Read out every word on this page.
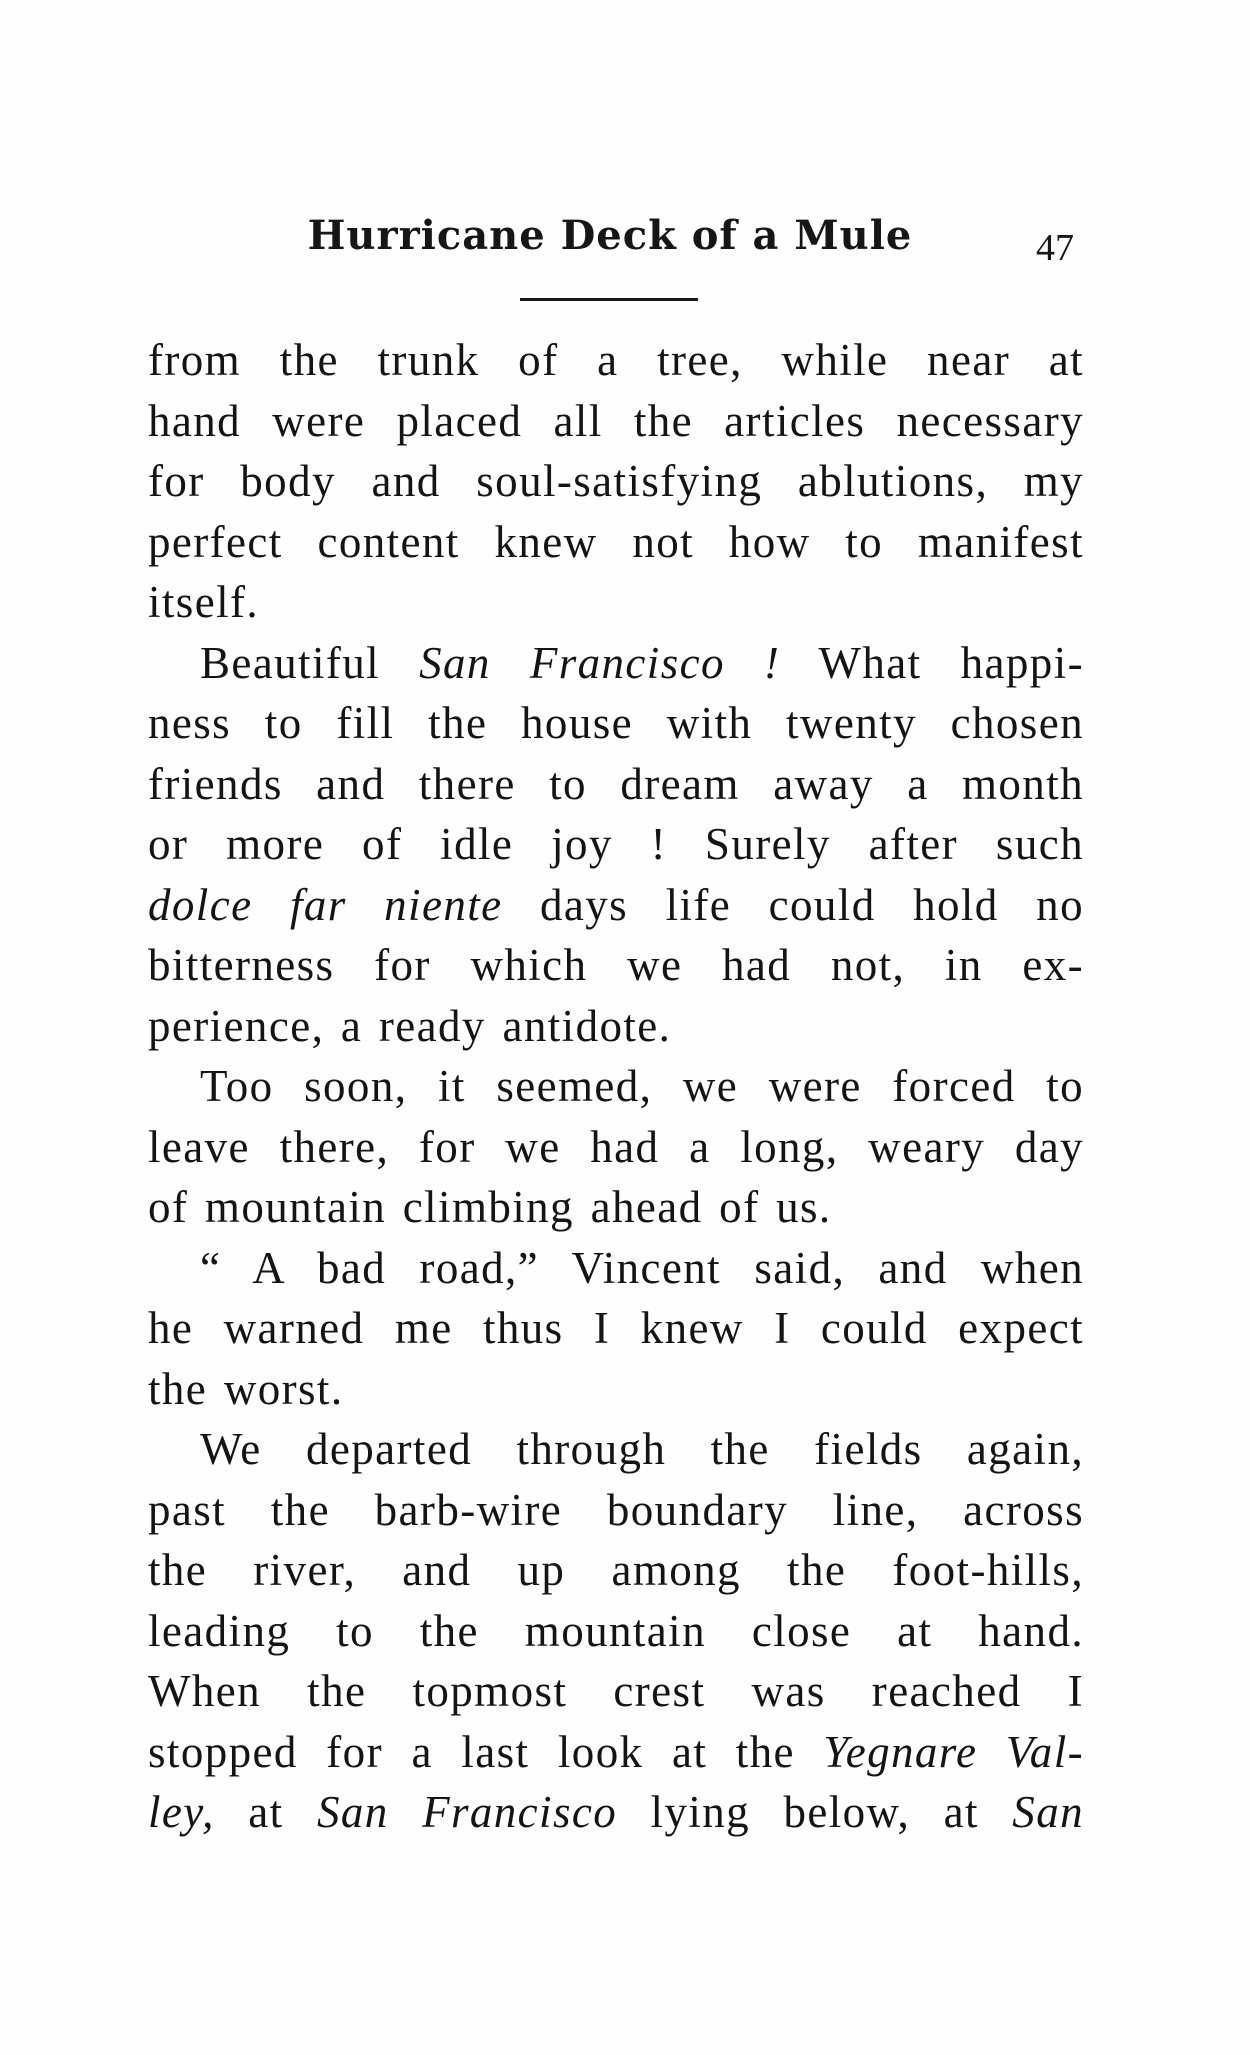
Hurricane Deck of a Mule	47

from the trunk of a tree, while near at
hand were placed all the articles necessary
for body and soul-satisfying ablutions, my
perfect content knew not how to manifest
itself.

Beautiful San Francisco ! What happi-
ness to fill the house with twenty chosen
friends and there to dream away a month
or more of idle joy ! Surely after such
dolce far niente days life could hold no
bitterness for which we had not, in ex-
perience, a ready antidote.

Too soon, it seemed, we were forced to
leave there, for we had a long, weary day
of mountain climbing ahead of us.

“ A bad road,” Vincent said, and when
he warned me thus I knew I could expect
the worst.

We departed through the fields again,
past the barb-wire boundary line, across
the river, and up among the foot-hills,
leading to the mountain close at hand.
When the topmost crest was reached I
stopped for a last look at the Yegnare Val-
ley, at San Francisco lying below, at San
